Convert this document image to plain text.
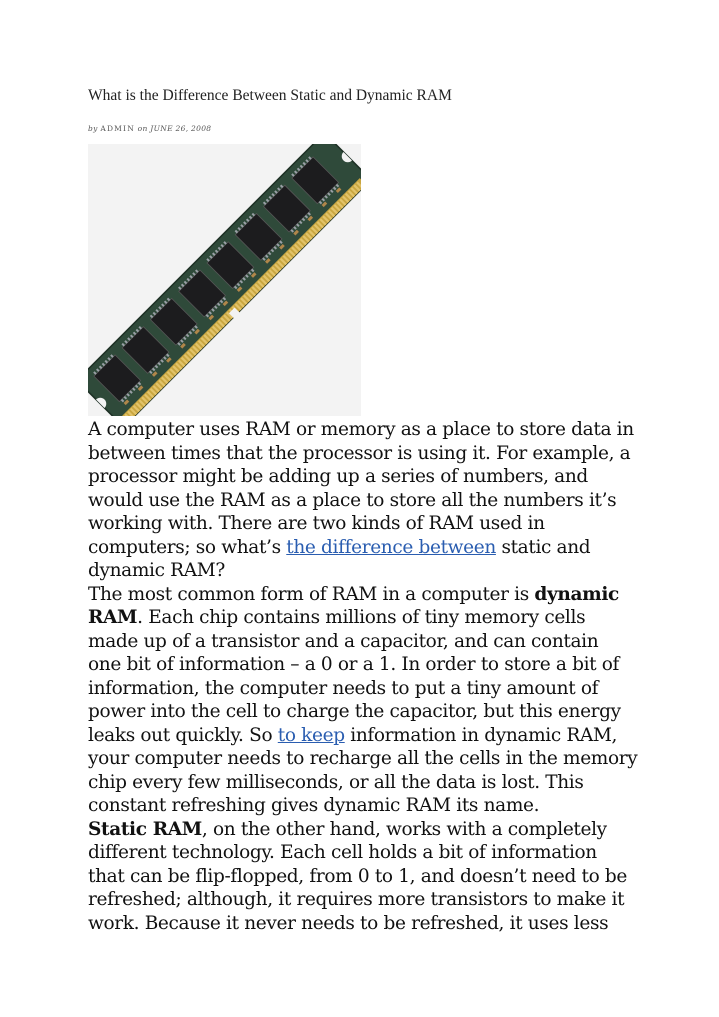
What is the Difference Between Static and Dynamic RAM
by ADMIN on JUNE 26, 2008
A computer uses RAM or memory as a place to store data in
between times that the processor is using it. For example, a
processor might be adding up a series of numbers, and
would use the RAM as a place to store all the numbers it’s
working with. There are two kinds of RAM used in
computers; so what’s the difference between static and
dynamic RAM?
The most common form of RAM in a computer is dynamic
RAM. Each chip contains millions of tiny memory cells
made up of a transistor and a capacitor, and can contain
one bit of information – a 0 or a 1. In order to store a bit of
information, the computer needs to put a tiny amount of
power into the cell to charge the capacitor, but this energy
leaks out quickly. So to keep information in dynamic RAM,
your computer needs to recharge all the cells in the memory
chip every few milliseconds, or all the data is lost. This
constant refreshing gives dynamic RAM its name.
Static RAM, on the other hand, works with a completely
different technology. Each cell holds a bit of information
that can be flip-flopped, from 0 to 1, and doesn’t need to be
refreshed; although, it requires more transistors to make it
work. Because it never needs to be refreshed, it uses less
